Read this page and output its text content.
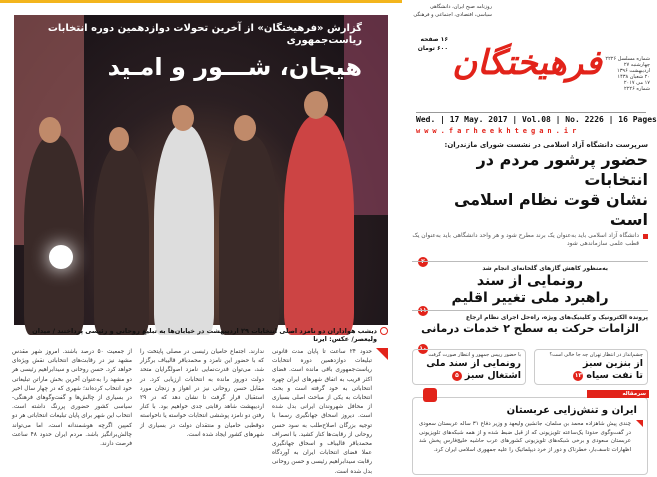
گزارش «فرهیختگان» از آخرین تحولات دوازدهمین دوره انتخابات ریاست‌جمهوری
هیجان، شـــور و امـید
دیشب هواداران دو نامزد اصلی انتخابات ۲۹ اردیبهشت در خیابان‌ها به تبلیغ روحانی و رئیسی پرداختند / میدان ولیعصر/ عکس: ایرنا
حدود ۲۴ ساعت تا پایان مدت قانونی تبلیغات دوازدهمین دوره انتخابات ریاست‌جمهوری باقی مانده است. فضای اکثر قریب به اتفاق شهرهای ایران چهره انتخاباتی به خود گرفته است و بحث انتخابات به یکی از مباحث اصلی بسیاری از محافل شهروندان ایرانی بدل شده است. دیروز اسحاق جهانگیری رسما با توجیه بزرگان اصلاح‌طلب به سود حسن روحانی از رقابت‌ها کنار کشید. با انصراف محمدباقر قالیباف و اسحاق جهانگیری عملا فضای انتخابات ایران به آوردگاه رقابت سیدابراهیم رئیسی و حسن روحانی بدل شده است.
ندارند. اجتماع حامیان رئیسی در مصلی پایتخت را که با حضور این نامزد و محمدباقر قالیباف برگزار شد، می‌توان قدرت‌نمایی نامزد اصولگرایان متحد دولت دوروز مانده به انتخابات ارزیابی کرد. در مقابل حسن روحانی نیز در اهواز و زنجان مورد استقبال قرار گرفت تا نشان دهد که در ۲۹ اردیبهشت شاهد رقابتی جدی خواهیم بود. با کنار رفتن دو نامزد پوششی انتخابات خواسته یا ناخواسته دوقطبی حامیان و منتقدان دولت در بسیاری از شهرهای کشور ایجاد شده است.
از جمعیت ۵۰ درصد باشند. امروز شهر مقدس مشهد نیز در رقابت‌های انتخاباتی نقش ویژه‌ای خواهد کرد. حسن روحانی و سیدابراهیم رئیسی هر دو مشهد را به‌عنوان آخرین بخش ماراتن تبلیغاتی خود انتخاب کرده‌اند؛ شهری که در چهار سال اخیر در بسیاری از چالش‌ها و گفت‌وگوهای فرهنگی-سیاسی کشور حضوری پررنگ داشته است. انتخاب این شهر برای پایان تبلیغات انتخاباتی هر دو کمپین اگرچه هوشمندانه است، اما می‌تواند چالش‌برانگیز باشد. مردم ایران حدود ۴۸ ساعت فرصت دارند.
روزنامه صبح ایران، دانشگاهی
سیاسی، اقتصادی، اجتماعی و فرهنگی
۱۶ صفحه
۶۰۰ تومان فرهیختگان شماره مسلسل ۲۲۲۶
چهارشنبه ۲۷ اردیبهشت ۱۳۹۶
۲۰ شعبان ۱۴۳۸
۱۷ می ۲۰۱۷
شماره ۲۲۲۶
Wed. | 17 May. 2017 | Vol.08 | No. 2226 | 16 Pages
www.farheekhtegan.ir
سرپرست دانشگاه آزاد اسلامی در نشست شورای مازندران:
حضور پرشور مردم در انتخابات
نشان قوت نظام اسلامی است
دانشگاه آزاد اسلامی باید به‌عنوان یک برند مطرح شود و هر واحد دانشگاهی باید به‌عنوان یک قطب علمی سازماندهی شود
به‌منظور کاهش گازهای گلخانه‌ای انجام شد
رونمایی از سند
راهبرد ملی تغییر اقلیم
پرونده الکترونیک و کلینیک‌های ویژه، راه‌حل اجرای نظام ارجاع
الزامات حرکت به سطح ۲ خدمات درمانی
۱۰
چشم‌انداز در انتظار تهران چه جا خالی است؟
از بنزین سبز
تا نفت سیاه
۱۳
با حضور رییس جمهور و انتظار صورت گرفت
رونمایی از سند ملی
اشتغال سبز
۵
سرمقاله
ایران و تنش‌زایی عربستان
چندی پیش شاهزاده محمد بن سلمان، جانشین ولیعهد و وزیر دفاع ۳۱ ساله عربستان سعودی در گفت‌وگوی حدودا یک‌ساعته تلویزیونی که از قبل ضبط شده و از همه شبکه‌های تلویزیونی عربستان سعودی و برخی شبکه‌های تلویزیونی کشورهای عرب حاشیه خلیج‌فارس پخش شد اظهارات تاسف‌بار، خطرناک و دور از خرد دیپلماتیک را علیه جمهوری اسلامی ایران کرد.
